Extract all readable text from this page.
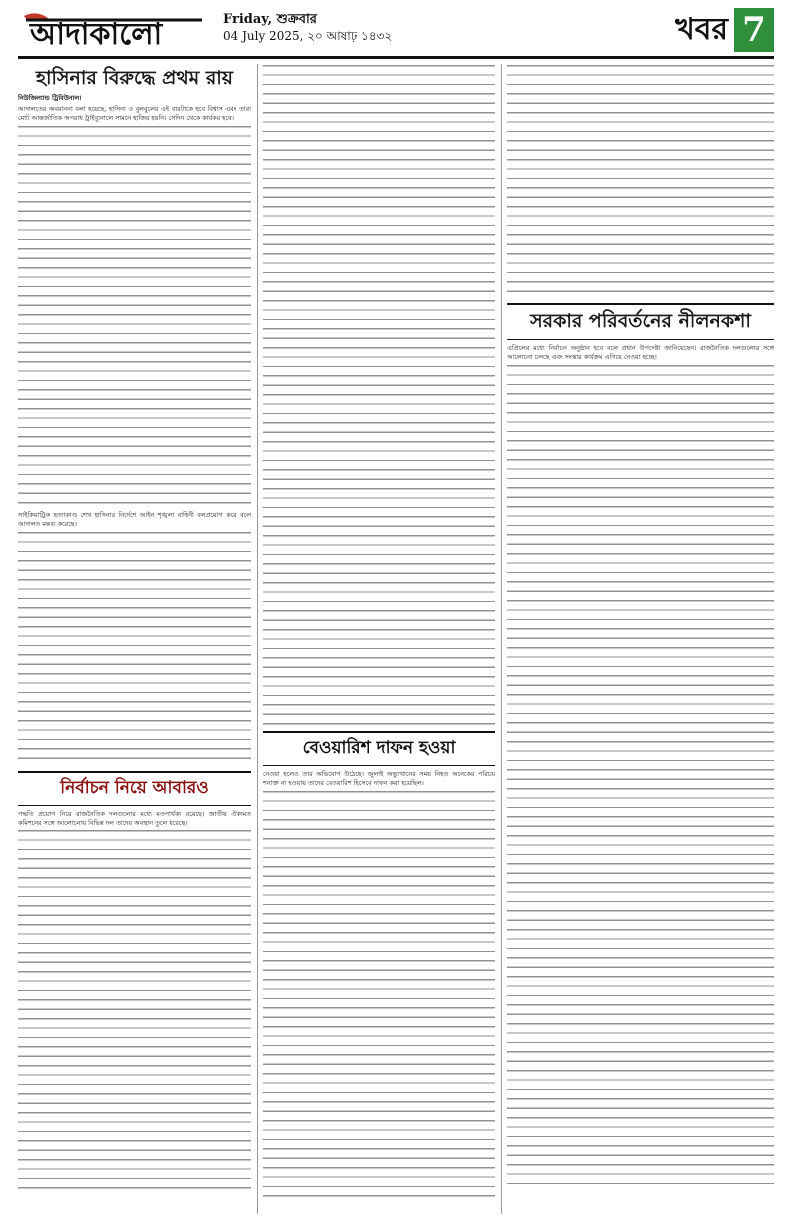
আদাকালো	Friday, শুক্রবার
04 July 2025, ২০ আষাঢ় ১৪৩২	খবর 7
হাসিনার বিরুদ্ধে প্রথম রায়
নিউজিল্যান্ড ট্রিবিউনাল।

আদালতের অবমাননা বলা হয়েছে, হাসিনা ও বুলবুলের এই বারটাকে হবে বিশ্বাস এবং তারা মোট আন্তর্জাতিক অপরাধ ট্রাইব্যুনালে সামনে হাজির হয়নি। সেদিন থেকে কার্যকর হবে।

সাইকিয়াট্রিক হত্যাকাণ্ড শেখ হাসিনার নির্দেশে আইন শৃঙ্খলা বাহিনী বলপ্রয়োগ করে বলে আদালত মন্তব্য করেছে।

নির্বাচন নিয়ে আবারও

পদ্ধতি প্রয়োগ নিয়ে রাজনৈতিক দলগুলোর মধ্যে মতপার্থক্য রয়েছে। জাতীয় ঐক্যমত কমিশনের সঙ্গে আলোচনায় বিভিন্ন দল তাদের অবস্থান তুলে ধরেছে।

বেওয়ারিশ দাফন হওয়া

নেওয়া হলেও তার অভিযোগ উঠেছে। জুলাই অভ্যুত্থানের সময় নিহত অনেকের পরিচয় শনাক্ত না হওয়ায় তাদের বেওয়ারিশ হিসেবে দাফন করা হয়েছিল।

সরকার পরিবর্তনের নীলনকশা

এপ্রিলের মধ্যে নির্বাচন অনুষ্ঠান হবে বলে প্রধান উপদেষ্টা জানিয়েছেন। রাজনৈতিক দলগুলোর সঙ্গে আলোচনা চলছে এবং সংস্কার কার্যক্রম এগিয়ে নেওয়া হচ্ছে।
